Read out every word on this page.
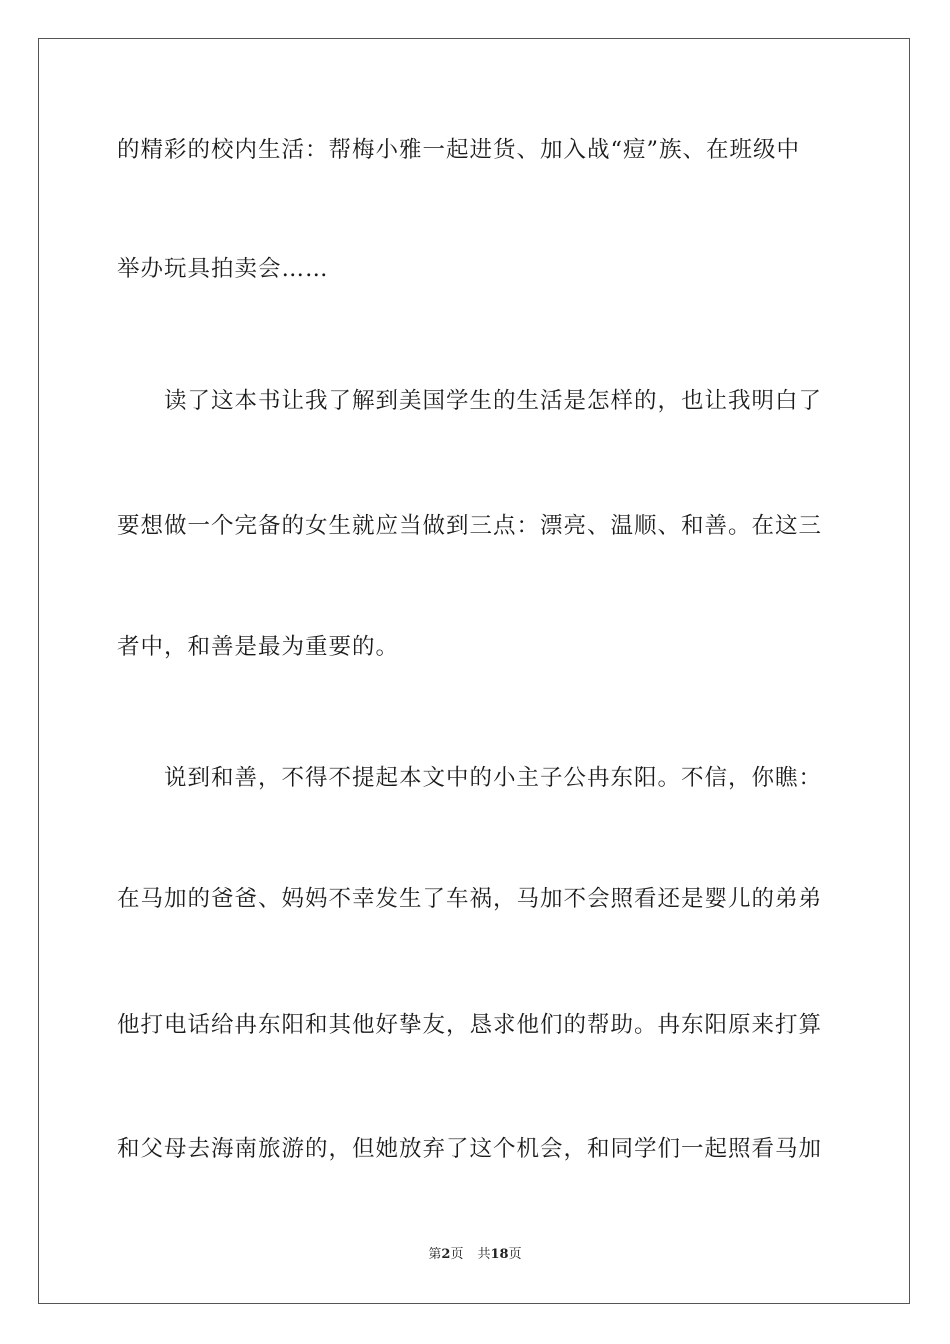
的精彩的校内生活：帮梅小雅一起进货、加入战“痘”族、在班级中
举办玩具拍卖会……
读了这本书让我了解到美国学生的生活是怎样的，也让我明白了
要想做一个完备的女生就应当做到三点：漂亮、温顺、和善。在这三
者中，和善是最为重要的。
说到和善，不得不提起本文中的小主子公冉东阳。不信，你瞧：
在马加的爸爸、妈妈不幸发生了车祸，马加不会照看还是婴儿的弟弟
他打电话给冉东阳和其他好挚友，恳求他们的帮助。冉东阳原来打算
和父母去海南旅游的，但她放弃了这个机会，和同学们一起照看马加
第2页 共18页
